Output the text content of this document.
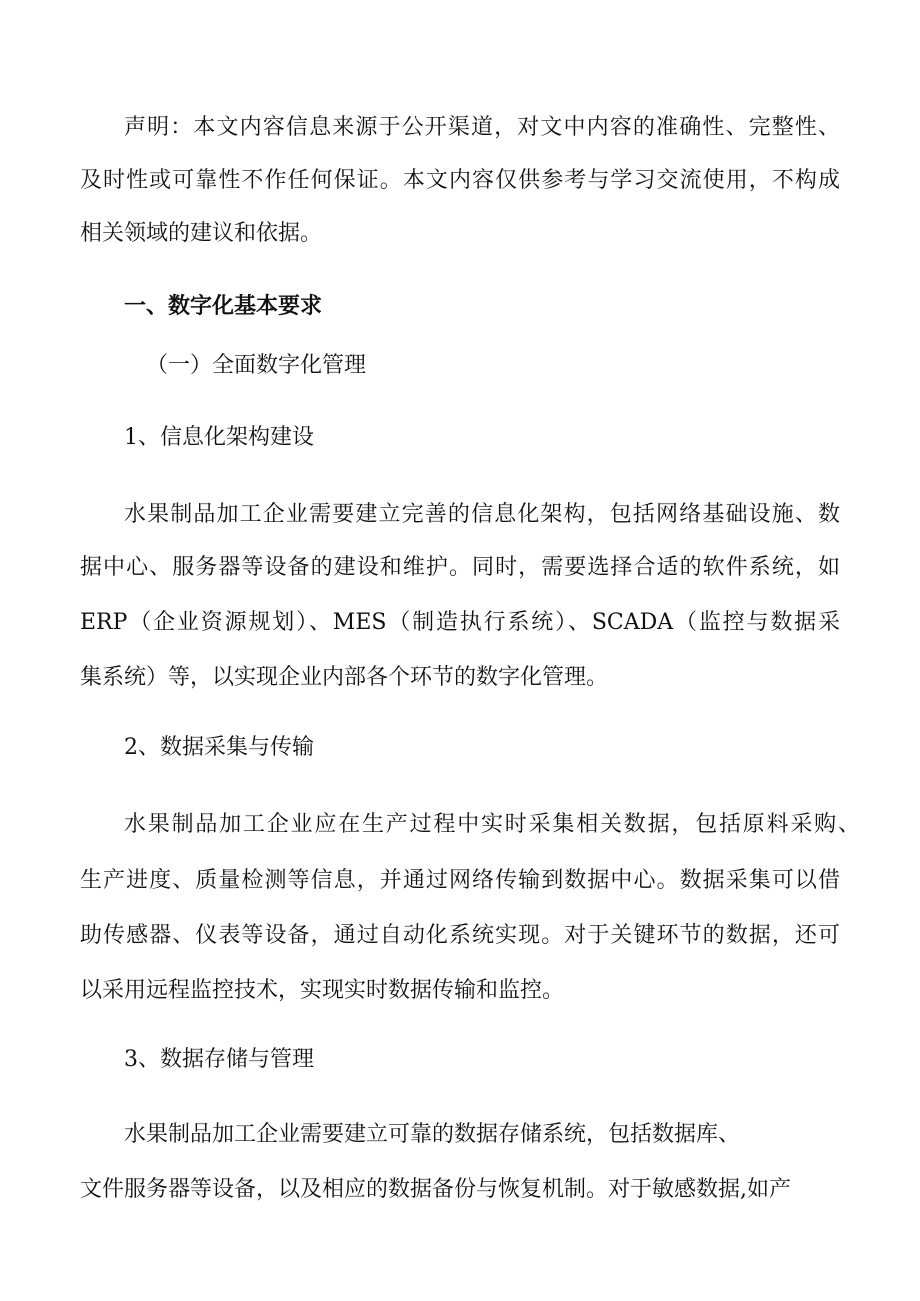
声明：本文内容信息来源于公开渠道，对文中内容的准确性、完整性、
及时性或可靠性不作任何保证。本文内容仅供参考与学习交流使用，不构成
相关领域的建议和依据。
一、数字化基本要求
（一）全面数字化管理
1、信息化架构建设
水果制品加工企业需要建立完善的信息化架构，包括网络基础设施、数
据中心、服务器等设备的建设和维护。同时，需要选择合适的软件系统，如
ERP（企业资源规划）、MES（制造执行系统）、SCADA（监控与数据采
集系统）等，以实现企业内部各个环节的数字化管理。
2、数据采集与传输
水果制品加工企业应在生产过程中实时采集相关数据，包括原料采购、
生产进度、质量检测等信息，并通过网络传输到数据中心。数据采集可以借
助传感器、仪表等设备，通过自动化系统实现。对于关键环节的数据，还可
以采用远程监控技术，实现实时数据传输和监控。
3、数据存储与管理
水果制品加工企业需要建立可靠的数据存储系统，包括数据库、
文件服务器等设备，以及相应的数据备份与恢复机制。对于敏感数据,如产
